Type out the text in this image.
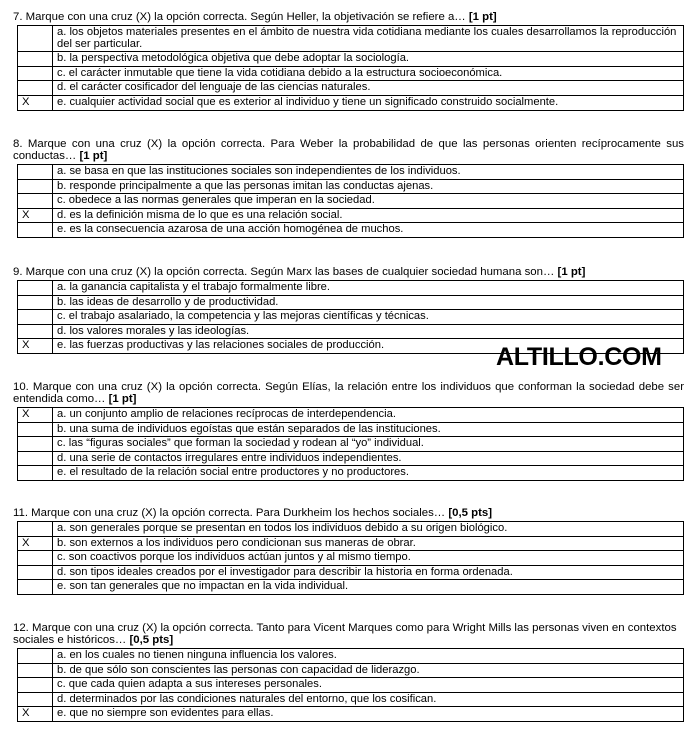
7. Marque con una cruz (X) la opción correcta. Según Heller, la objetivación se refiere a… [1 pt]

	a. los objetos materiales presentes en el ámbito de nuestra vida cotidiana mediante los cuales desarrollamos la reproducción del ser particular.
	b. la perspectiva metodológica objetiva que debe adoptar la sociología.
	c. el carácter inmutable que tiene la vida cotidiana debido a la estructura socioeconómica.
	d. el carácter cosificador del lenguaje de las ciencias naturales.
X	e. cualquier actividad social que es exterior al individuo y tiene un significado construido socialmente.

8. Marque con una cruz (X) la opción correcta. Para Weber la probabilidad de que las personas orienten recíprocamente sus conductas… [1 pt]

	a. se basa en que las instituciones sociales son independientes de los individuos.
	b. responde principalmente a que las personas imitan las conductas ajenas.
	c. obedece a las normas generales que imperan en la sociedad.
X	d. es la definición misma de lo que es una relación social.
	e. es la consecuencia azarosa de una acción homogénea de muchos.

9. Marque con una cruz (X) la opción correcta. Según Marx las bases de cualquier sociedad humana son… [1 pt]

	a. la ganancia capitalista y el trabajo formalmente libre.
	b. las ideas de desarrollo y de productividad.
	c. el trabajo asalariado, la competencia y las mejoras científicas y técnicas.
	d. los valores morales y las ideologías.
X	e. las fuerzas productivas y las relaciones sociales de producción.	ALTILLO.COM

10. Marque con una cruz (X) la opción correcta. Según Elías, la relación entre los individuos que conforman la sociedad debe ser entendida como… [1 pt]

X	a. un conjunto amplio de relaciones recíprocas de interdependencia.
	b. una suma de individuos egoístas que están separados de las instituciones.
	c. las “figuras sociales” que forman la sociedad y rodean al “yo” individual.
	d. una serie de contactos irregulares entre individuos independientes.
	e. el resultado de la relación social entre productores y no productores.

11. Marque con una cruz (X) la opción correcta. Para Durkheim los hechos sociales… [0,5 pts]

	a. son generales porque se presentan en todos los individuos debido a su origen biológico.
X	b. son externos a los individuos pero condicionan sus maneras de obrar.
	c. son coactivos porque los individuos actúan juntos y al mismo tiempo.
	d. son tipos ideales creados por el investigador para describir la historia en forma ordenada.
	e. son tan generales que no impactan en la vida individual.

12. Marque con una cruz (X) la opción correcta. Tanto para Vicent Marques como para Wright Mills las personas viven en contextos sociales e históricos… [0,5 pts]

	a. en los cuales no tienen ninguna influencia los valores.
	b. de que sólo son conscientes las personas con capacidad de liderazgo.
	c. que cada quien adapta a sus intereses personales.
	d. determinados por las condiciones naturales del entorno, que los cosifican.
X	e. que no siempre son evidentes para ellas.
